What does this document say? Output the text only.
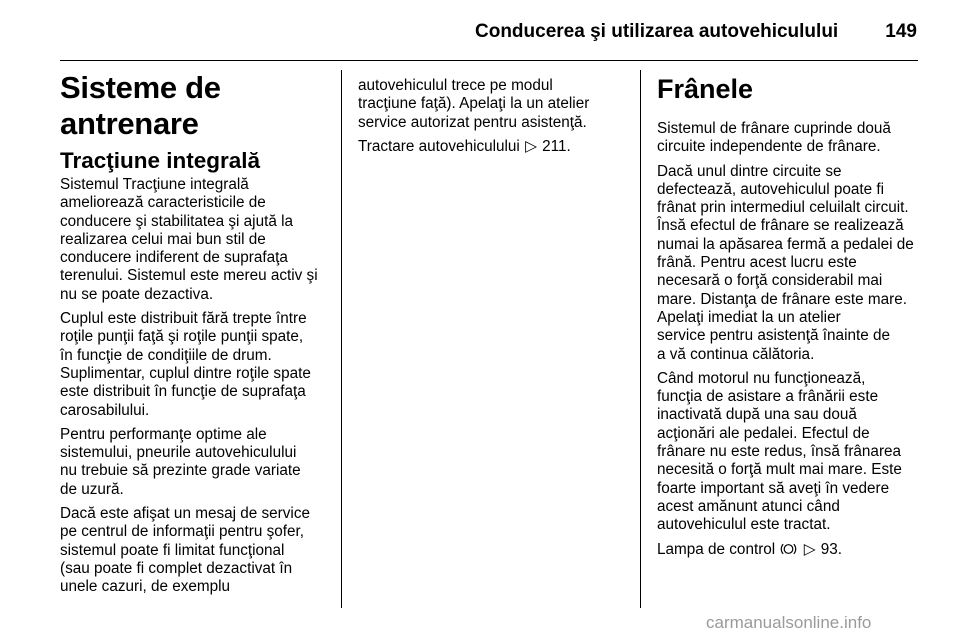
Conducerea şi utilizarea autovehiculului 149
Sisteme de antrenare
Tracţiune integrală
Sistemul Tracţiune integrală
ameliorează caracteristicile de
conducere şi stabilitatea şi ajută la
realizarea celui mai bun stil de
conducere indiferent de suprafaţa
terenului. Sistemul este mereu activ şi
nu se poate dezactiva.
Cuplul este distribuit fără trepte între
roţile punţii faţă şi roţile punţii spate,
în funcţie de condiţiile de drum.
Suplimentar, cuplul dintre roţile spate
este distribuit în funcţie de suprafaţa
carosabilului.
Pentru performanţe optime ale
sistemului, pneurile autovehiculului
nu trebuie să prezinte grade variate
de uzură.
Dacă este afişat un mesaj de service
pe centrul de informaţii pentru şofer,
sistemul poate fi limitat funcţional
(sau poate fi complet dezactivat în
unele cazuri, de exemplu
autovehiculul trece pe modul
tracţiune faţă). Apelaţi la un atelier
service autorizat pentru asistenţă.
Tractare autovehiculului ▷ 211.
Frânele
Sistemul de frânare cuprinde două
circuite independente de frânare.
Dacă unul dintre circuite se
defectează, autovehiculul poate fi
frânat prin intermediul celuilalt circuit.
Însă efectul de frânare se realizează
numai la apăsarea fermă a pedalei de
frână. Pentru acest lucru este
necesară o forţă considerabil mai
mare. Distanţa de frânare este mare.
Apelaţi imediat la un atelier
service pentru asistenţă înainte de
a vă continua călătoria.
Când motorul nu funcţionează,
funcţia de asistare a frânării este
inactivată după una sau două
acţionări ale pedalei. Efectul de
frânare nu este redus, însă frânarea
necesită o forţă mult mai mare. Este
foarte important să aveţi în vedere
acest amănunt atunci când
autovehiculul este tractat.
Lampa de control ▷ 93.
carmanualsonline.info
